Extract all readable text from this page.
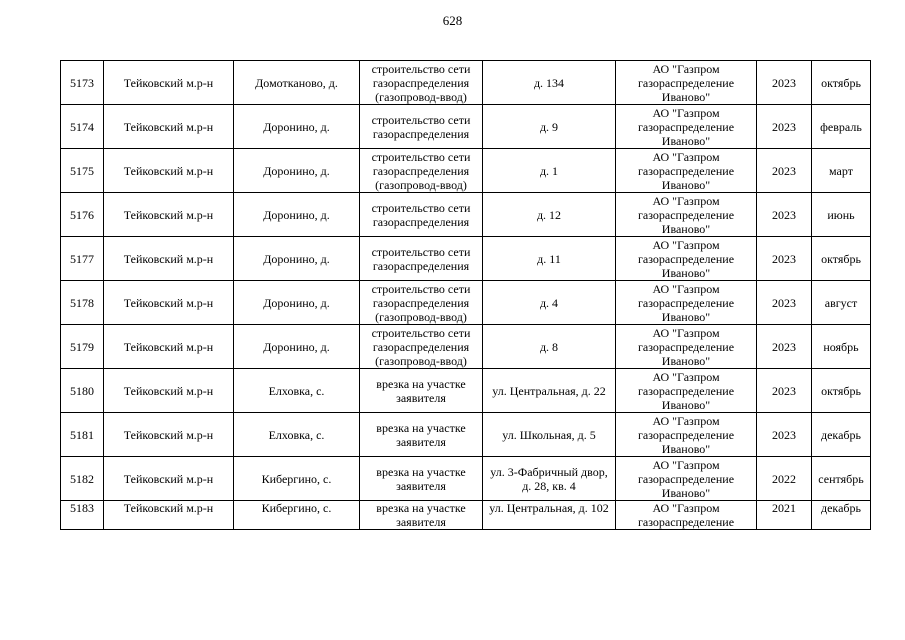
628
5173	Тейковский м.р-н	Домотканово, д.	строительство сети газораспределения (газопровод-ввод)	д. 134	АО "Газпром газораспределение Иваново"	2023	октябрь
5174	Тейковский м.р-н	Доронино, д.	строительство сети газораспределения	д. 9	АО "Газпром газораспределение Иваново"	2023	февраль
5175	Тейковский м.р-н	Доронино, д.	строительство сети газораспределения (газопровод-ввод)	д. 1	АО "Газпром газораспределение Иваново"	2023	март
5176	Тейковский м.р-н	Доронино, д.	строительство сети газораспределения	д. 12	АО "Газпром газораспределение Иваново"	2023	июнь
5177	Тейковский м.р-н	Доронино, д.	строительство сети газораспределения	д. 11	АО "Газпром газораспределение Иваново"	2023	октябрь
5178	Тейковский м.р-н	Доронино, д.	строительство сети газораспределения (газопровод-ввод)	д. 4	АО "Газпром газораспределение Иваново"	2023	август
5179	Тейковский м.р-н	Доронино, д.	строительство сети газораспределения (газопровод-ввод)	д. 8	АО "Газпром газораспределение Иваново"	2023	ноябрь
5180	Тейковский м.р-н	Елховка, с.	врезка на участке заявителя	ул. Центральная, д. 22	АО "Газпром газораспределение Иваново"	2023	октябрь
5181	Тейковский м.р-н	Елховка, с.	врезка на участке заявителя	ул. Школьная, д. 5	АО "Газпром газораспределение Иваново"	2023	декабрь
5182	Тейковский м.р-н	Кибергино, с.	врезка на участке заявителя	ул. 3-Фабричный двор, д. 28, кв. 4	АО "Газпром газораспределение Иваново"	2022	сентябрь
5183	Тейковский м.р-н	Кибергино, с.	врезка на участке заявителя	ул. Центральная, д. 102	АО "Газпром газораспределение	2021	декабрь
